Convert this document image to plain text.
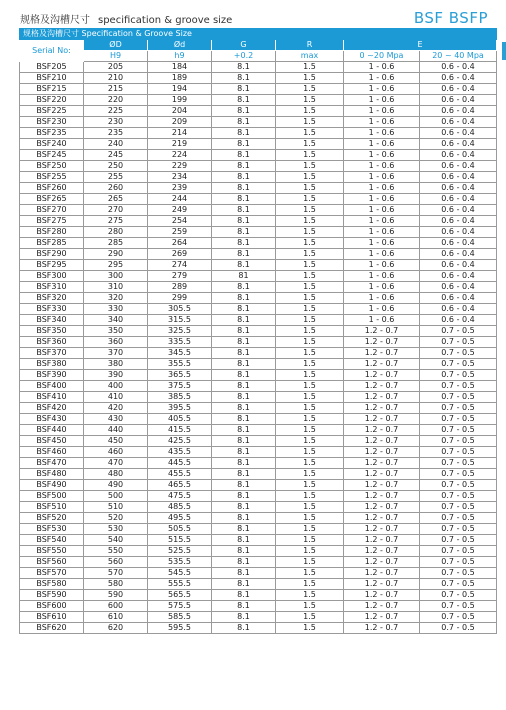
规格及沟槽尺寸 specification & groove size	BSF BSFP
规格及沟槽尺寸 Specification & Groove Size						
Serial No:	ØD	Ød	G	R	E	
	H9	h9	+0.2	max	0 ~20 Mpa	20 ~ 40 Mpa
BSF205	205	184	8.1	1.5	1 - 0.6	0.6 - 0.4
BSF210	210	189	8.1	1.5	1 - 0.6	0.6 - 0.4
BSF215	215	194	8.1	1.5	1 - 0.6	0.6 - 0.4
BSF220	220	199	8.1	1.5	1 - 0.6	0.6 - 0.4
BSF225	225	204	8.1	1.5	1 - 0.6	0.6 - 0.4
BSF230	230	209	8.1	1.5	1 - 0.6	0.6 - 0.4
BSF235	235	214	8.1	1.5	1 - 0.6	0.6 - 0.4
BSF240	240	219	8.1	1.5	1 - 0.6	0.6 - 0.4
BSF245	245	224	8.1	1.5	1 - 0.6	0.6 - 0.4
BSF250	250	229	8.1	1.5	1 - 0.6	0.6 - 0.4
BSF255	255	234	8.1	1.5	1 - 0.6	0.6 - 0.4
BSF260	260	239	8.1	1.5	1 - 0.6	0.6 - 0.4
BSF265	265	244	8.1	1.5	1 - 0.6	0.6 - 0.4
BSF270	270	249	8.1	1.5	1 - 0.6	0.6 - 0.4
BSF275	275	254	8.1	1.5	1 - 0.6	0.6 - 0.4
BSF280	280	259	8.1	1.5	1 - 0.6	0.6 - 0.4
BSF285	285	264	8.1	1.5	1 - 0.6	0.6 - 0.4
BSF290	290	269	8.1	1.5	1 - 0.6	0.6 - 0.4
BSF295	295	274	8.1	1.5	1 - 0.6	0.6 - 0.4
BSF300	300	279	81	1.5	1 - 0.6	0.6 - 0.4
BSF310	310	289	8.1	1.5	1 - 0.6	0.6 - 0.4
BSF320	320	299	8.1	1.5	1 - 0.6	0.6 - 0.4
BSF330	330	305.5	8.1	1.5	1 - 0.6	0.6 - 0.4
BSF340	340	315.5	8.1	1.5	1 - 0.6	0.6 - 0.4
BSF350	350	325.5	8.1	1.5	1.2 - 0.7	0.7 - 0.5
BSF360	360	335.5	8.1	1.5	1.2 - 0.7	0.7 - 0.5
BSF370	370	345.5	8.1	1.5	1.2 - 0.7	0.7 - 0.5
BSF380	380	355.5	8.1	1.5	1.2 - 0.7	0.7 - 0.5
BSF390	390	365.5	8.1	1.5	1.2 - 0.7	0.7 - 0.5
BSF400	400	375.5	8.1	1.5	1.2 - 0.7	0.7 - 0.5
BSF410	410	385.5	8.1	1.5	1.2 - 0.7	0.7 - 0.5
BSF420	420	395.5	8.1	1.5	1.2 - 0.7	0.7 - 0.5
BSF430	430	405.5	8.1	1.5	1.2 - 0.7	0.7 - 0.5
BSF440	440	415.5	8.1	1.5	1.2 - 0.7	0.7 - 0.5
BSF450	450	425.5	8.1	1.5	1.2 - 0.7	0.7 - 0.5
BSF460	460	435.5	8.1	1.5	1.2 - 0.7	0.7 - 0.5
BSF470	470	445.5	8.1	1.5	1.2 - 0.7	0.7 - 0.5
BSF480	480	455.5	8.1	1.5	1.2 - 0.7	0.7 - 0.5
BSF490	490	465.5	8.1	1.5	1.2 - 0.7	0.7 - 0.5
BSF500	500	475.5	8.1	1.5	1.2 - 0.7	0.7 - 0.5
BSF510	510	485.5	8.1	1.5	1.2 - 0.7	0.7 - 0.5
BSF520	520	495.5	8.1	1.5	1.2 - 0.7	0.7 - 0.5
BSF530	530	505.5	8.1	1.5	1.2 - 0.7	0.7 - 0.5
BSF540	540	515.5	8.1	1.5	1.2 - 0.7	0.7 - 0.5
BSF550	550	525.5	8.1	1.5	1.2 - 0.7	0.7 - 0.5
BSF560	560	535.5	8.1	1.5	1.2 - 0.7	0.7 - 0.5
BSF570	570	545.5	8.1	1.5	1.2 - 0.7	0.7 - 0.5
BSF580	580	555.5	8.1	1.5	1.2 - 0.7	0.7 - 0.5
BSF590	590	565.5	8.1	1.5	1.2 - 0.7	0.7 - 0.5
BSF600	600	575.5	8.1	1.5	1.2 - 0.7	0.7 - 0.5
BSF610	610	585.5	8.1	1.5	1.2 - 0.7	0.7 - 0.5
BSF620	620	595.5	8.1	1.5	1.2 - 0.7	0.7 - 0.5
